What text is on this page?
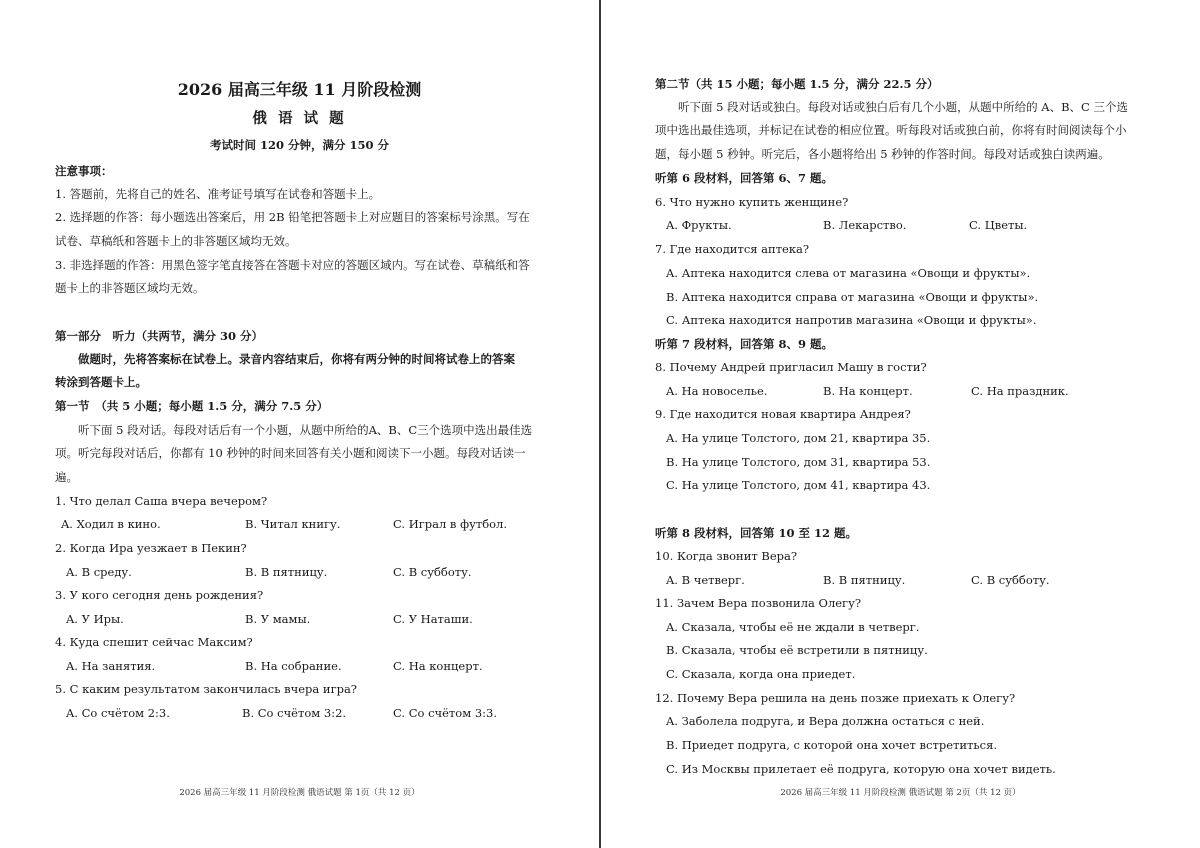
2026 届高三年级 11 月阶段检测
俄 语 试 题
考试时间 120 分钟，满分 150 分
注意事项：
1. 答题前，先将自己的姓名、准考证号填写在试卷和答题卡上。
2. 选择题的作答：每小题选出答案后，用 2B 铅笔把答题卡上对应题目的答案标号涂黑。写在
试卷、草稿纸和答题卡上的非答题区域均无效。
3. 非选择题的作答：用黑色签字笔直接答在答题卡对应的答题区域内。写在试卷、草稿纸和答
题卡上的非答题区域均无效。
第一部分　听力（共两节，满分 30 分）
做题时，先将答案标在试卷上。录音内容结束后，你将有两分钟的时间将试卷上的答案
转涂到答题卡上。
第一节　（共 5 小题；每小题 1.5 分，满分 7.5 分）
听下面 5 段对话。每段对话后有一个小题，从题中所给的A、B、C三个选项中选出最佳选
项。听完每段对话后，你都有 10 秒钟的时间来回答有关小题和阅读下一小题。每段对话读一
遍。
1. Что делал Саша вчера вечером?
A. Ходил в кино.	B. Читал книгу.	C. Играл в футбол.
2. Когда Ира уезжает в Пекин?
A. В среду.	B. В пятницу.	C. В субботу.
3. У кого сегодня день рождения?
A. У Иры.	B. У мамы.	C. У Наташи.
4. Куда спешит сейчас Максим?
A. На занятия.	B. На собрание.	C. На концерт.
5. С каким результатом закончилась вчера игра?
A. Со счётом 2:3.	B. Со счётом 3:2.	C. Со счётом 3:3.
2026 届高三年级 11 月阶段检测 俄语试题 第 1页（共 12 页）
第二节（共 15 小题；每小题 1.5 分，满分 22.5 分）
听下面 5 段对话或独白。每段对话或独白后有几个小题，从题中所给的 A、B、C 三个选
项中选出最佳选项，并标记在试卷的相应位置。听每段对话或独白前，你将有时间阅读每个小
题，每小题 5 秒钟。听完后，各小题将给出 5 秒钟的作答时间。每段对话或独白读两遍。
听第 6 段材料，回答第 6、7 题。
6. Что нужно купить женщине?
A. Фрукты.	B. Лекарство.	C. Цветы.
7. Где находится аптека?
A. Аптека находится слева от магазина «Овощи и фрукты».
B. Аптека находится справа от магазина «Овощи и фрукты».
C. Аптека находится напротив магазина «Овощи и фрукты».
听第 7 段材料，回答第 8、9 题。
8. Почему Андрей пригласил Машу в гости?
A. На новоселье.	B. На концерт.	C. На праздник.
9. Где находится новая квартира Андрея?
A. На улице Толстого, дом 21, квартира 35.
B. На улице Толстого, дом 31, квартира 53.
C. На улице Толстого, дом 41, квартира 43.
听第 8 段材料，回答第 10 至 12 题。
10. Когда звонит Вера?
A. В четверг.	B. В пятницу.	C. В субботу.
11. Зачем Вера позвонила Олегу?
A. Сказала, чтобы её не ждали в четверг.
B. Сказала, чтобы её встретили в пятницу.
C. Сказала, когда она приедет.
12. Почему Вера решила на день позже приехать к Олегу?
A. Заболела подруга, и Вера должна остаться с ней.
B. Приедет подруга, с которой она хочет встретиться.
C. Из Москвы прилетает её подруга, которую она хочет видеть.
2026 届高三年级 11 月阶段检测 俄语试题 第 2页（共 12 页）
